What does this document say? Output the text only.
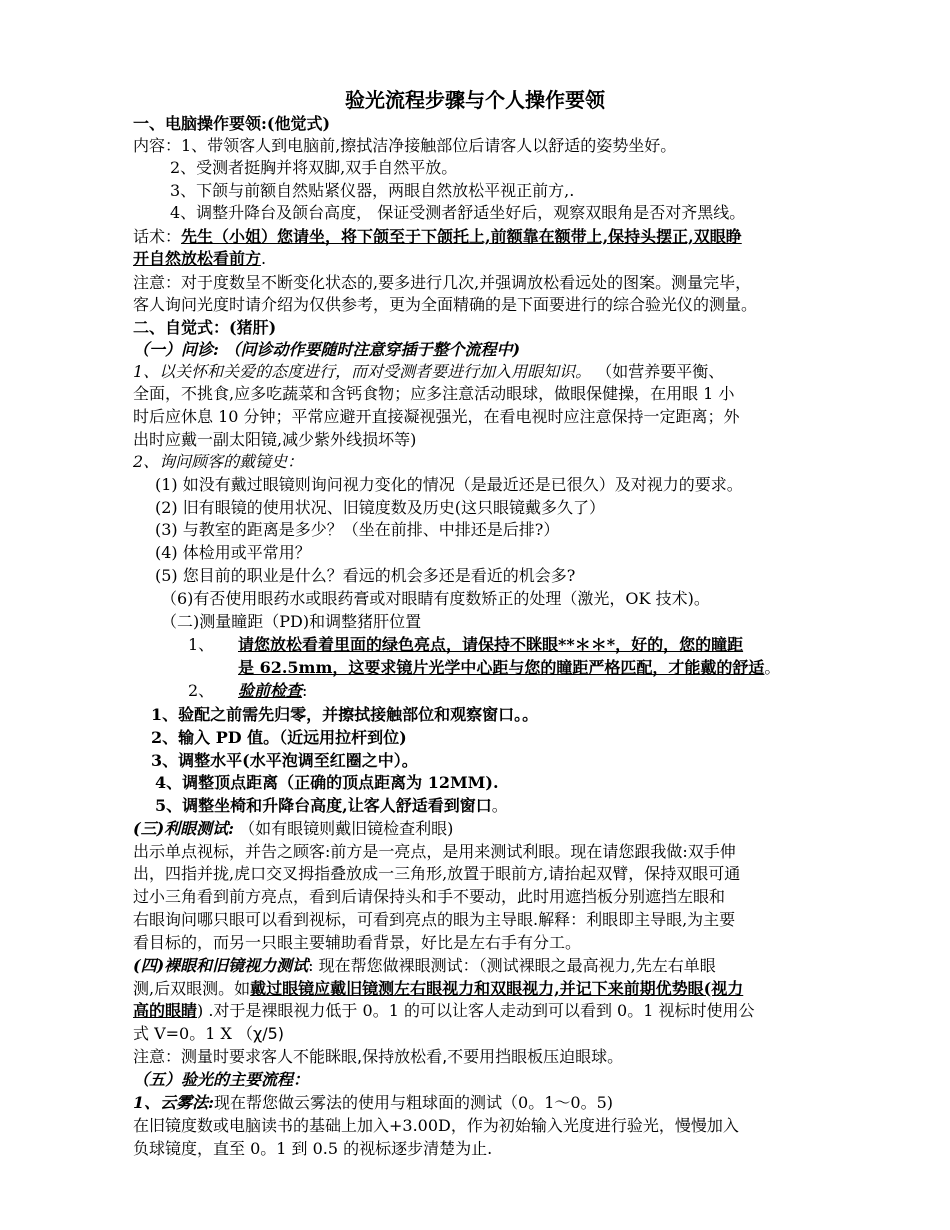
验光流程步骤与个人操作要领
一、电脑操作要领:(他觉式)
内容：1、带领客人到电脑前,擦拭洁净接触部位后请客人以舒适的姿势坐好。
2、受测者挺胸并将双脚,双手自然平放。
3、下颌与前额自然贴紧仪器，两眼自然放松平视正前方,.
4、调整升降台及颌台高度， 保证受测者舒适坐好后，观察双眼角是否对齐黑线。
话术：先生（小姐）您请坐，将下颌至于下颌托上,前额靠在额带上,保持头摆正,双眼睁
开自然放松看前方.
注意：对于度数呈不断变化状态的,要多进行几次,并强调放松看远处的图案。测量完毕，
客人询问光度时请介绍为仅供参考，更为全面精确的是下面要进行的综合验光仪的测量。
二、自觉式：(猪肝)
（一）问诊: （问诊动作要随时注意穿插于整个流程中)
1、以关怀和关爱的态度进行，而对受测者要进行加入用眼知识。 （如营养要平衡、
全面，不挑食,应多吃蔬菜和含钙食物；应多注意活动眼球，做眼保健操，在用眼 1 小
时后应休息 10 分钟；平常应避开直接凝视强光，在看电视时应注意保持一定距离；外
出时应戴一副太阳镜,减少紫外线损坏等)
2、询问顾客的戴镜史：
(1) 如没有戴过眼镜则询问视力变化的情况（是最近还是已很久）及对视力的要求。
(2) 旧有眼镜的使用状况、旧镜度数及历史(这只眼镜戴多久了）
(3) 与教室的距离是多少？（坐在前排、中排还是后排?）
(4) 体检用或平常用？
(5) 您目前的职业是什么？看远的机会多还是看近的机会多?
（6)有否使用眼药水或眼药膏或对眼睛有度数矫正的处理（激光，OK 技术)。
（二)测量瞳距（PD)和调整猪肝位置
1、 请您放松看着里面的绿色亮点，请保持不眯眼**＊＊*，好的，您的瞳距
是 62.5mm，这要求镜片光学中心距与您的瞳距严格匹配，才能戴的舒适。
2、 验前检查:
1、验配之前需先归零，并擦拭接触部位和观察窗口。。
2、输入 PD 值。（近远用拉杆到位)
3、调整水平(水平泡调至红圈之中）。
4、调整顶点距离（正确的顶点距离为 12MM).
5、调整坐椅和升降台高度,让客人舒适看到窗口。
(三)利眼测试: （如有眼镜则戴旧镜检查利眼)
出示单点视标，并告之顾客:前方是一亮点，是用来测试利眼。现在请您跟我做:双手伸
出，四指并拢,虎口交叉拇指叠放成一三角形,放置于眼前方,请抬起双臂，保持双眼可通
过小三角看到前方亮点，看到后请保持头和手不要动，此时用遮挡板分别遮挡左眼和
右眼询问哪只眼可以看到视标，可看到亮点的眼为主导眼.解释：利眼即主导眼,为主要
看目标的，而另一只眼主要辅助看背景，好比是左右手有分工。
(四)裸眼和旧镜视力测试: 现在帮您做裸眼测试：（测试裸眼之最高视力,先左右单眼
测,后双眼测。如戴过眼镜应戴旧镜测左右眼视力和双眼视力,并记下来前期优势眼(视力
高的眼睛) .对于是裸眼视力低于 0。1 的可以让客人走动到可以看到 0。1 视标时使用公
式 V=0。1 X （χ/5)
注意：测量时要求客人不能眯眼,保持放松看,不要用挡眼板压迫眼球。
（五）验光的主要流程：
1、云雾法:现在帮您做云雾法的使用与粗球面的测试（0。1～0。5)
在旧镜度数或电脑读书的基础上加入+3.00D，作为初始输入光度进行验光，慢慢加入
负球镜度，直至 0。1 到 0.5 的视标逐步清楚为止.
